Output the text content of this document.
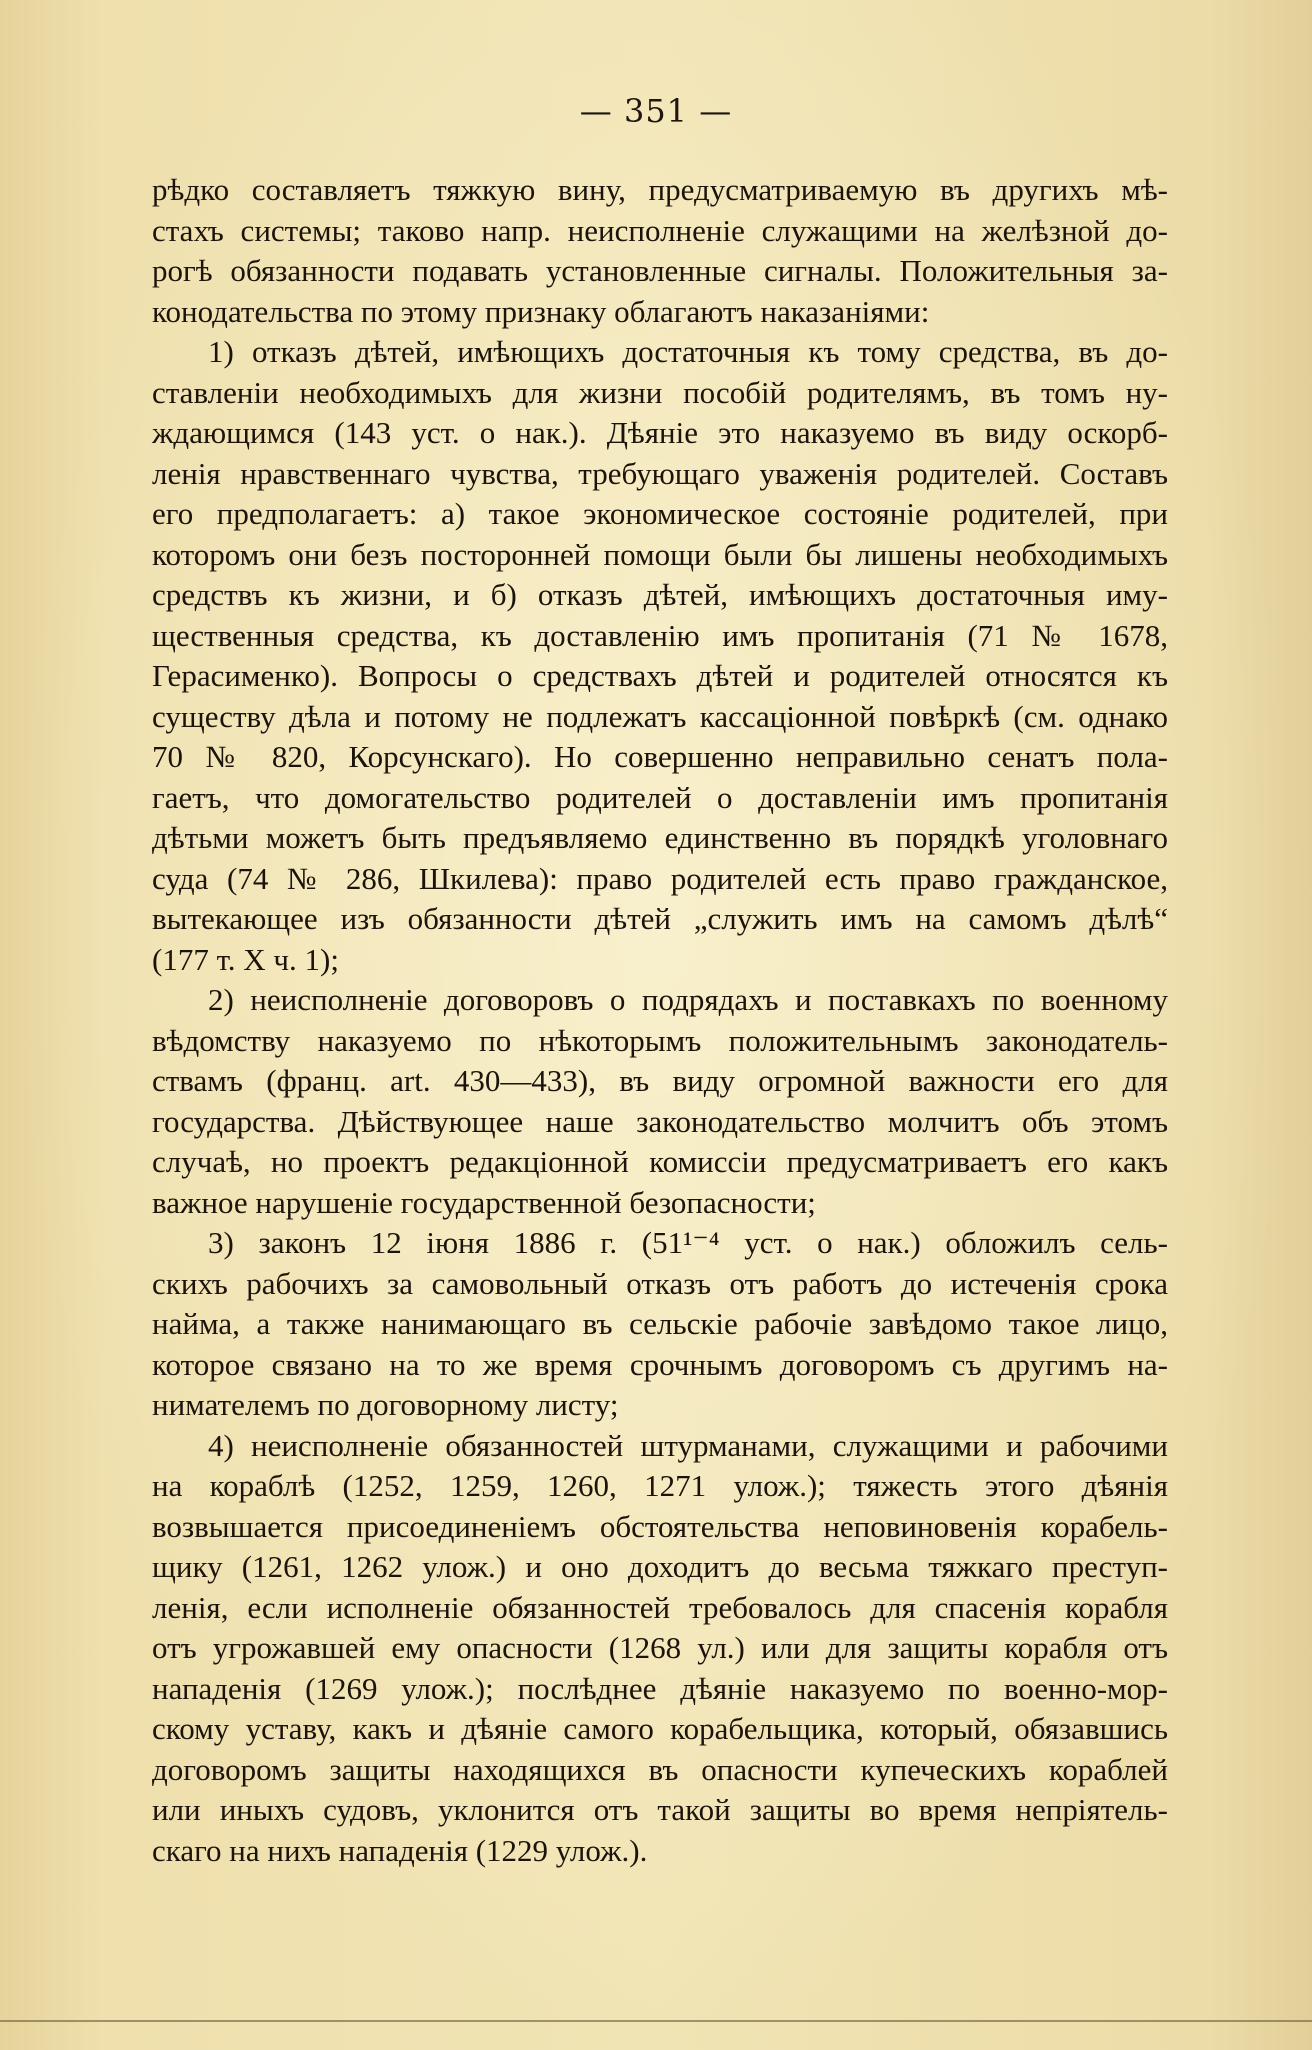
— 351 —

рѣдко составляетъ тяжкую вину, предусматриваемую въ другихъ мѣ-

стахъ системы; таково напр. неисполненіе служащими на желѣзной до-

рогѣ обязанности подавать установленные сигналы. Положительныя за-

конодательства по этому признаку облагаютъ наказаніями:

1) отказъ дѣтей, имѣющихъ достаточныя къ тому средства, въ до-

ставленіи необходимыхъ для жизни пособій родителямъ, въ томъ ну-

ждающимся (143 уст. о нак.). Дѣяніе это наказуемо въ виду оскорб-

ленія нравственнаго чувства, требующаго уваженія родителей. Составъ

его предполагаетъ: а) такое экономическое состояніе родителей, при

которомъ они безъ посторонней помощи были бы лишены необходимыхъ

средствъ къ жизни, и б) отказъ дѣтей, имѣющихъ достаточныя иму-

щественныя средства, къ доставленію имъ пропитанія (71 № 1678,

Герасименко). Вопросы о средствахъ дѣтей и родителей относятся къ

существу дѣла и потому не подлежатъ кассаціонной повѣркѣ (см. однако

70 № 820, Корсунскаго). Но совершенно неправильно сенатъ пола-

гаетъ, что домогательство родителей о доставленіи имъ пропитанія

дѣтьми можетъ быть предъявляемо единственно въ порядкѣ уголовнаго

суда (74 № 286, Шкилева): право родителей есть право гражданское,

вытекающее изъ обязанности дѣтей „служить имъ на самомъ дѣлѣ“

(177 т. X ч. 1);

2) неисполненіе договоровъ о подрядахъ и поставкахъ по военному

вѣдомству наказуемо по нѣкоторымъ положительнымъ законодатель-

ствамъ (франц. art. 430—433), въ виду огромной важности его для

государства. Дѣйствующее наше законодательство молчитъ объ этомъ

случаѣ, но проектъ редакціонной комиссіи предусматриваетъ его какъ

важное нарушеніе государственной безопасности;

3) законъ 12 іюня 1886 г. (51¹⁻⁴ уст. о нак.) обложилъ сель-

скихъ рабочихъ за самовольный отказъ отъ работъ до истеченія срока

найма, а также нанимающаго въ сельскіе рабочіе завѣдомо такое лицо,

которое связано на то же время срочнымъ договоромъ съ другимъ на-

нимателемъ по договорному листу;

4) неисполненіе обязанностей штурманами, служащими и рабочими

на кораблѣ (1252, 1259, 1260, 1271 улож.); тяжесть этого дѣянія

возвышается присоединеніемъ обстоятельства неповиновенія корабель-

щику (1261, 1262 улож.) и оно доходитъ до весьма тяжкаго преступ-

ленія, если исполненіе обязанностей требовалось для спасенія корабля

отъ угрожавшей ему опасности (1268 ул.) или для защиты корабля отъ

нападенія (1269 улож.); послѣднее дѣяніе наказуемо по военно-мор-

скому уставу, какъ и дѣяніе самого корабельщика, который, обязавшись

договоромъ защиты находящихся въ опасности купеческихъ кораблей

или иныхъ судовъ, уклонится отъ такой защиты во время непріятель-

скаго на нихъ нападенія (1229 улож.).
